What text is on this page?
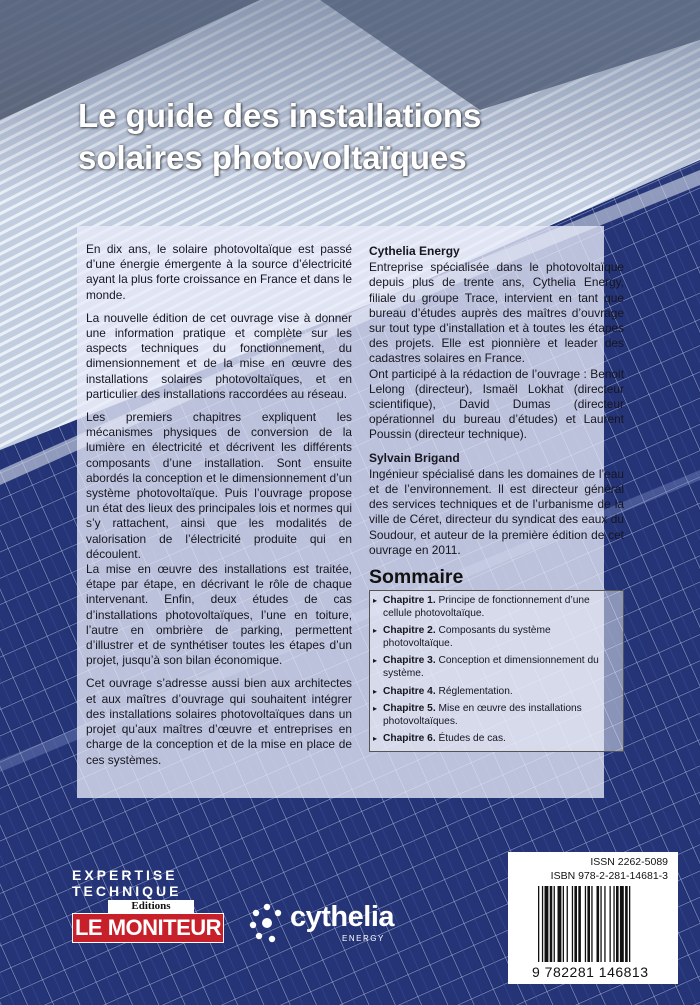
Le guide des installations
solaires photovoltaïques

En dix ans, le solaire photovoltaïque est passé d’une énergie émergente à la source d’électricité ayant la plus forte croissance en France et dans le monde.

La nouvelle édition de cet ouvrage vise à donner une information pratique et complète sur les aspects techniques du fonctionnement, du dimensionnement et de la mise en œuvre des installations solaires photovoltaïques, et en particulier des installations raccordées au réseau.

Les premiers chapitres expliquent les mécanismes physiques de conversion de la lumière en électricité et décrivent les différents composants d’une installation. Sont ensuite abordés la conception et le dimensionnement d’un système photovoltaïque. Puis l’ouvrage propose un état des lieux des principales lois et normes qui s’y rattachent, ainsi que les modalités de valorisation de l’électricité produite qui en découlent.

La mise en œuvre des installations est traitée, étape par étape, en décrivant le rôle de chaque intervenant. Enfin, deux études de cas d’installations photovoltaïques, l’une en toiture, l’autre en ombrière de parking, permettent d’illustrer et de synthétiser toutes les étapes d’un projet, jusqu’à son bilan économique.

Cet ouvrage s’adresse aussi bien aux architectes et aux maîtres d’ouvrage qui souhaitent intégrer des installations solaires photovoltaïques dans un projet qu’aux maîtres d’œuvre et entreprises en charge de la conception et de la mise en place de ces systèmes.

Cythelia Energy

Entreprise spécialisée dans le photovoltaïque depuis plus de trente ans, Cythelia Energy, filiale du groupe Trace, intervient en tant que bureau d’études auprès des maîtres d’ouvrage sur tout type d’installation et à toutes les étapes des projets. Elle est pionnière et leader des cadastres solaires en France.

Ont participé à la rédaction de l’ouvrage : Benoit Lelong (directeur), Ismaël Lokhat (directeur scientifique), David Dumas (directeur opérationnel du bureau d’études) et Laurent Poussin (directeur technique).

Sylvain Brigand

Ingénieur spécialisé dans les domaines de l’eau et de l’environnement. Il est directeur général des services techniques et de l’urbanisme de la ville de Céret, directeur du syndicat des eaux du Soudour, et auteur de la première édition de cet ouvrage en 2011.

Sommaire
▸ Chapitre 1. Principe de fonctionnement d’une cellule photovoltaïque.
▸ Chapitre 2. Composants du système photovoltaïque.
▸ Chapitre 3. Conception et dimensionnement du système.
▸ Chapitre 4. Réglementation.
▸ Chapitre 5. Mise en œuvre des installations photovoltaïques.
▸ Chapitre 6. Études de cas.
EXPERTISE
TECHNIQUE
Editions
LE MONITEUR cythelia
ENERGY
ISSN 2262-5089
ISBN 978-2-281-14681-3
9 782281 146813
